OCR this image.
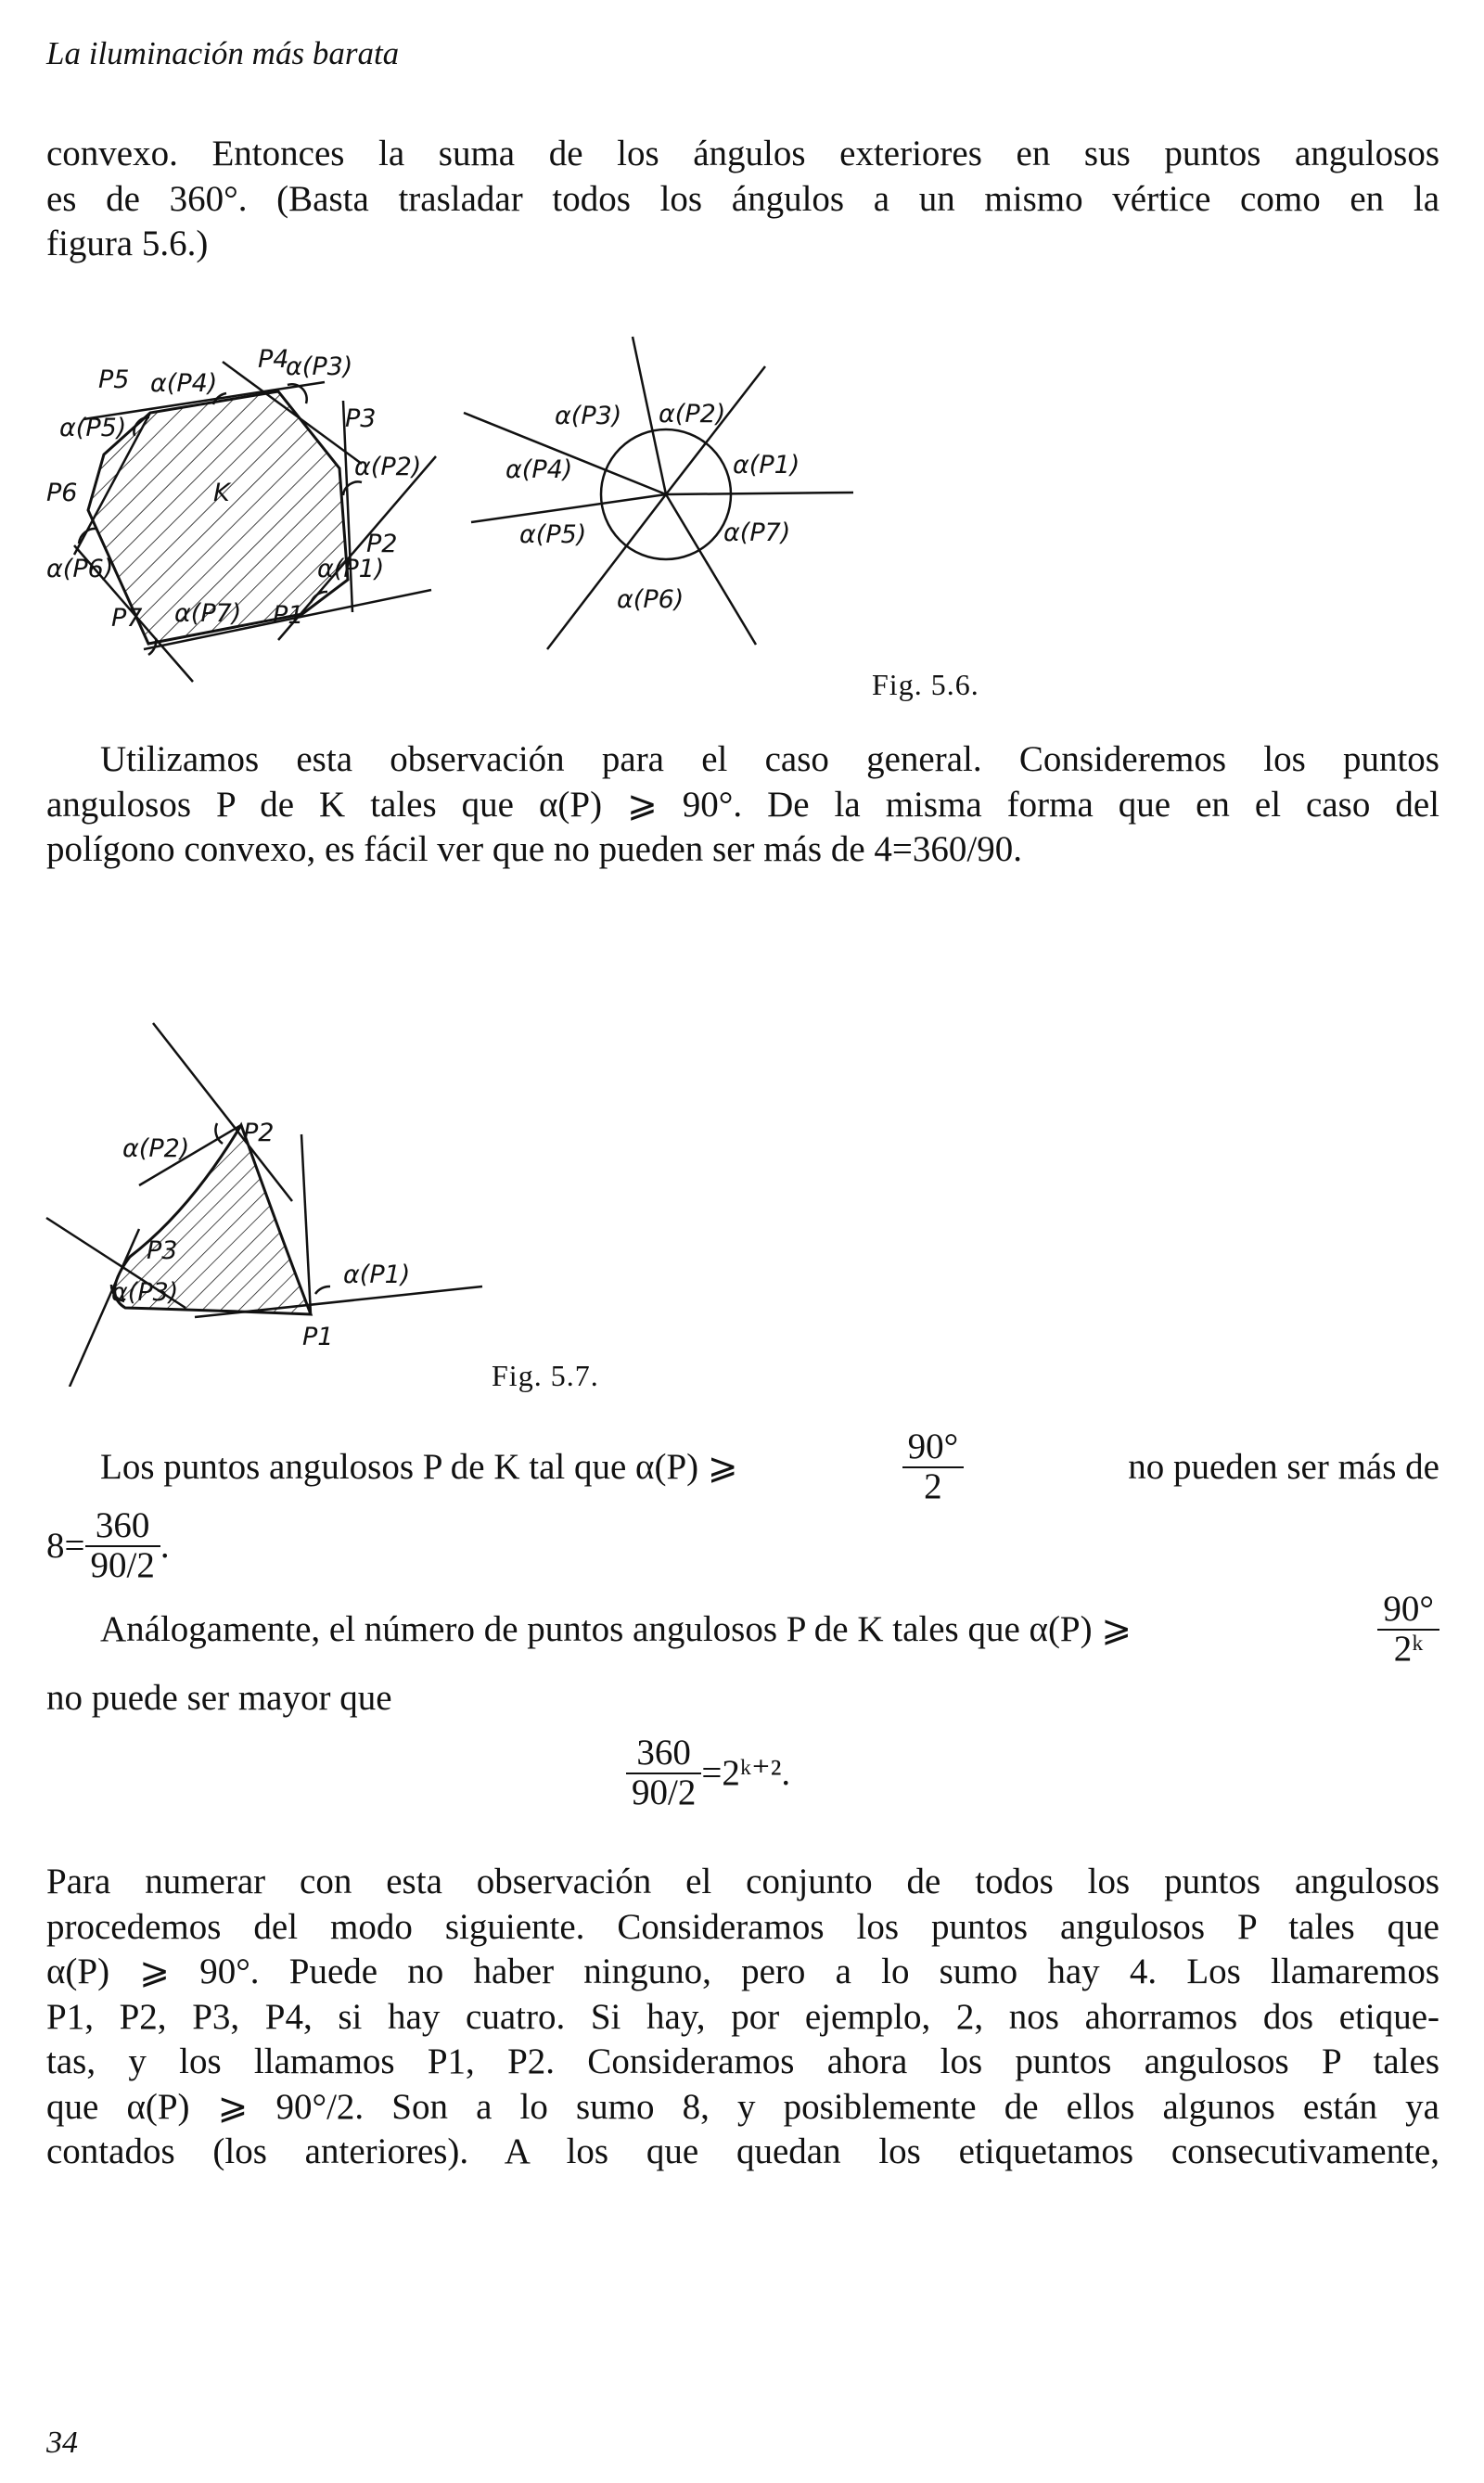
La iluminación más barata
convexo. Entonces la suma de los ángulos exteriores en sus puntos angulosos
es de 360°. (Basta trasladar todos los ángulos a un mismo vértice como en la
figura 5.6.)
P5 α(P4)
P4
α(P3)
α(P5)	P3
K
α(P2)
P6
P2
α(P6)	α(P1)
P7 α(P7) P1
α(P3) α(P2)
α(P4)	α(P1)
α(P5)	α(P7)
α(P6)
Fig. 5.6.
Utilizamos esta observación para el caso general. Consideremos los puntos
angulosos P de K tales que α(P) ⩾ 90°. De la misma forma que en el caso del
polígono convexo, es fácil ver que no pueden ser más de 4=360/90.
α(P2)
P2
P3
α(P3)
α(P1)
P1
Fig. 5.7.
Los puntos angulosos P de K tal que α(P) ⩾	$\frac{90^\circ}{2}$	no pueden ser más de
$8= \frac{360}{90/2}$ .
Análogamente, el número de puntos angulosos P de K tales que α(P) ⩾	$\frac{90^\circ}{\text{2ᵏ}}$
no puede ser mayor que
$\frac{360}{90/2}$ =2ᵏ⁺².
Para numerar con esta observación el conjunto de todos los puntos angulosos
procedemos del modo siguiente. Consideramos los puntos angulosos P tales que
α(P) ⩾ 90°. Puede no haber ninguno, pero a lo sumo hay 4. Los llamaremos
P1, P2, P3, P4, si hay cuatro. Si hay, por ejemplo, 2, nos ahorramos dos etique-
tas, y los llamamos P1, P2. Consideramos ahora los puntos angulosos P tales
que α(P) ⩾ 90°/2. Son a lo sumo 8, y posiblemente de ellos algunos están ya
contados (los anteriores). A los que quedan los etiquetamos consecutivamente,
34
